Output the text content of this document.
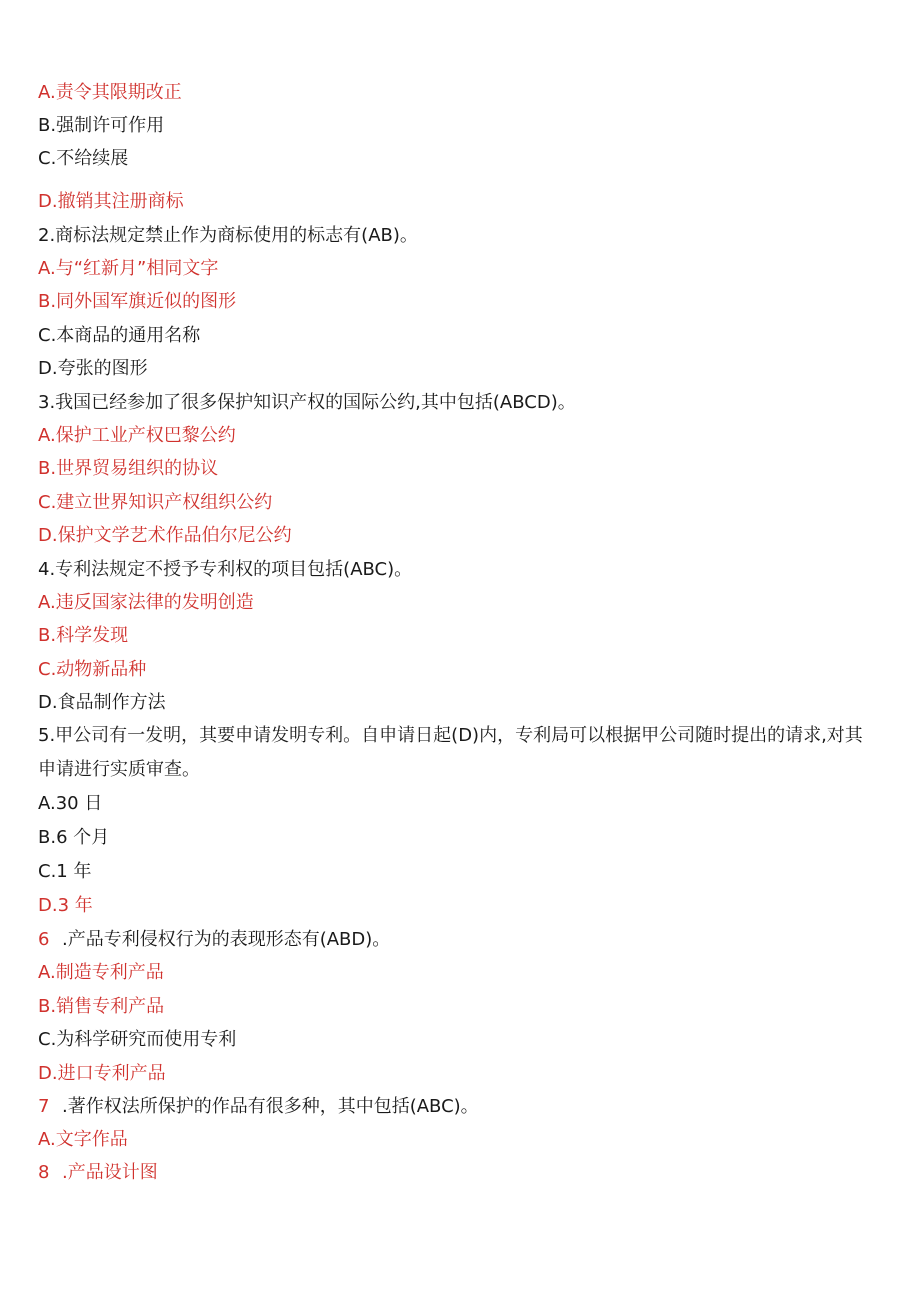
A.责令其限期改正
B.强制许可作用
C.不给续展
D.撤销其注册商标
2.商标法规定禁止作为商标使用的标志有(AB)。
A.与“红新月”相同文字
B.同外国军旗近似的图形
C.本商品的通用名称
D.夸张的图形
3.我国已经参加了很多保护知识产权的国际公约,其中包括(ABCD)。
A.保护工业产权巴黎公约
B.世界贸易组织的协议
C.建立世界知识产权组织公约
D.保护文学艺术作品伯尔尼公约
4.专利法规定不授予专利权的项目包括(ABC)。
A.违反国家法律的发明创造
B.科学发现
C.动物新品种
D.食品制作方法
5.甲公司有一发明，其要申请发明专利。自申请日起(D)内，专利局可以根据甲公司随时提出的请求,对其申请进行实质审查。
A.30 日
B.6 个月
C.1 年
D.3 年
6 .产品专利侵权行为的表现形态有(ABD)。
A.制造专利产品
B.销售专利产品
C.为科学研究而使用专利
D.进口专利产品
7 .著作权法所保护的作品有很多种，其中包括(ABC)。
A.文字作品
8 .产品设计图
